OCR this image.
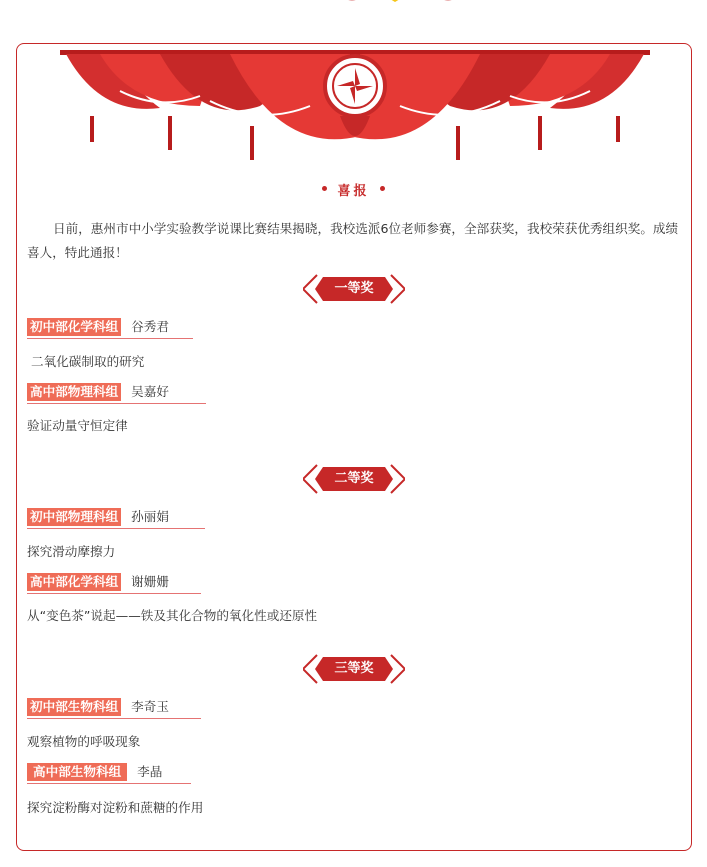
喜报

日前，惠州市中小学实验教学说课比赛结果揭晓，我校选派6位老师参赛，全部获奖，我校荣获优秀组织奖。成绩喜人，特此通报！

一等奖
初中部化学科组 谷秀君
二氧化碳制取的研究
高中部物理科组 吴嘉好
验证动量守恒定律
二等奖
初中部物理科组 孙丽娟
探究滑动摩擦力
高中部化学科组 谢姗姗
从“变色茶”说起——铁及其化合物的氧化性或还原性
三等奖
初中部生物科组 李奇玉
观察植物的呼吸现象
高中部生物科组 李晶
探究淀粉酶对淀粉和蔗糖的作用
